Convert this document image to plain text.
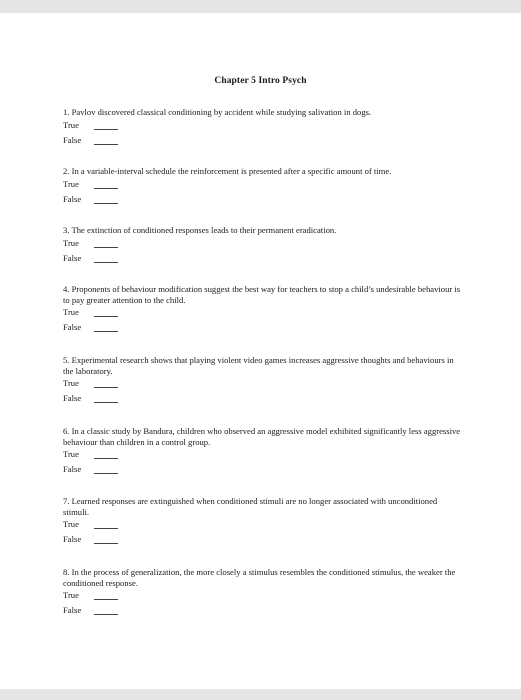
Chapter 5 Intro Psych

1. Pavlov discovered classical conditioning by accident while studying salivation in dogs.

True
False

2. In a variable-interval schedule the reinforcement is presented after a specific amount of time.

True
False

3. The extinction of conditioned responses leads to their permanent eradication.

True
False

4. Proponents of behaviour modification suggest the best way for teachers to stop a child’s undesirable behaviour is to pay greater attention to the child.

True
False

5. Experimental research shows that playing violent video games increases aggressive thoughts and behaviours in the laboratory.

True
False

6. In a classic study by Bandura, children who observed an aggressive model exhibited significantly less aggressive behaviour than children in a control group.

True
False

7. Learned responses are extinguished when conditioned stimuli are no longer associated with unconditioned stimuli.

True
False

8. In the process of generalization, the more closely a stimulus resembles the conditioned stimulus, the weaker the conditioned response.

True
False
